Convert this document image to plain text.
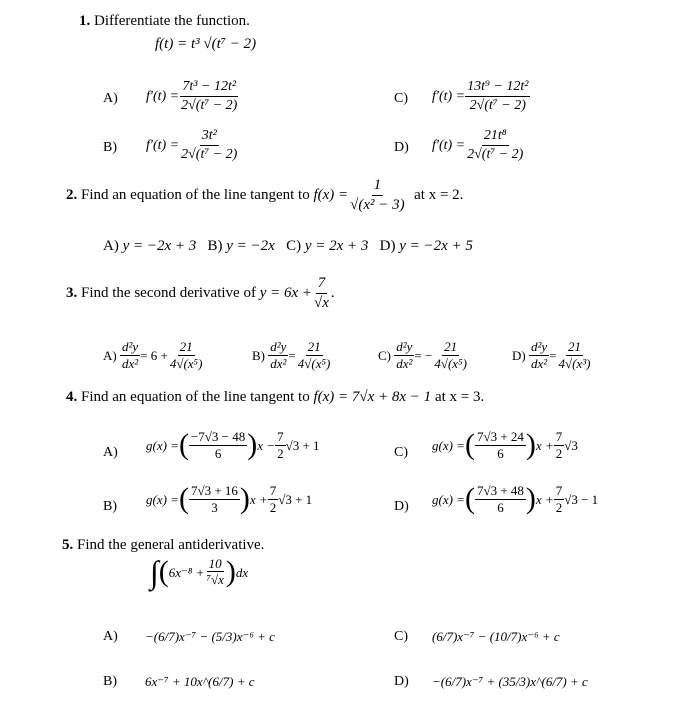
1. Differentiate the function.
f(t) = t³ √(t⁷ − 2)
A) $f'(t) = \frac{\text{7t³ − 12t²}}{\text{2√(t⁷ − 2)}}$	C) $f'(t) = \frac{\text{13t⁹ − 12t²}}{\text{2√(t⁷ − 2)}}$
B) $f'(t) = \frac{\text{3t²}}{\text{2√(t⁷ − 2)}}$	D) $f'(t) = \frac{\text{21t⁸}}{\text{2√(t⁷ − 2)}}$
2.
Find an equation of the line tangent to
$f(x) = \frac{1}{\text{√(x² − 3)}}$
at x = 2.
A) y = −2x + 3 B) y = −2x C) y = 2x + 3 D) y = −2x + 5
3.
Find the second derivative of
$y = 6x + \frac{7}{√x}$ .
A)
$\frac{\text{d²y}}{\text{dx²}} = 6 + \frac{21}{\text{4√(x⁵)}}$	B)
$\frac{\text{d²y}}{\text{dx²}} = \frac{21}{\text{4√(x⁵)}}$	C)
$\frac{\text{d²y}}{\text{dx²}}$ = − $\frac{21}{\text{4√(x⁵)}}$	D)
$\frac{\text{d²y}}{\text{dx²}} = \frac{21}{\text{4√(x³)}}$
4. Find an equation of the line tangent to f(x) = 7√x + 8x − 1 at x = 3.
A) g(x) = ( $\frac{-7√3 - 48}{6}$ ) $x - \frac{7}{2} √3 + 1$	C) g(x) = ( $\frac{7√3 + 24}{6}$ ) $x + \frac{7}{2} √3$
B) g(x) = ( $\frac{7√3 + 16}{3}$ ) $x + \frac{7}{2} √3 + 1$	D) g(x) = ( $\frac{7√3 + 48}{6}$ ) $x + \frac{7}{2} √3 - 1$
5. Find the general antiderivative.
∫ ( $6x^{-8} + \frac{10}{\text{⁷√x}}$ ) dx
A) −(6/7)x⁻⁷ − (5/3)x⁻⁶ + c	C) (6/7)x⁻⁷ − (10/7)x⁻⁶ + c
B) 6x⁻⁷ + 10x^(6/7) + c	D) −(6/7)x⁻⁷ + (35/3)x^(6/7) + c
